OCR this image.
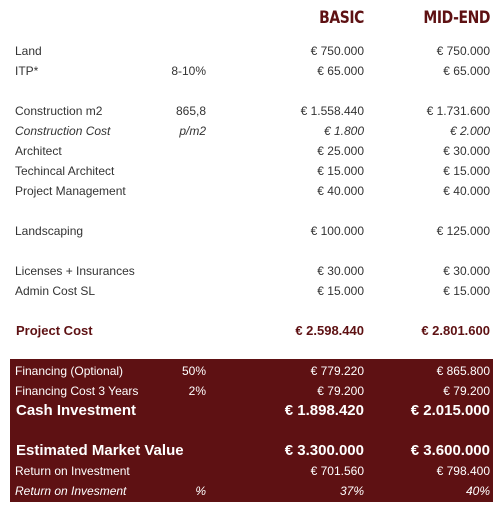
BASIC	MID-END
Land	€ 750.000	€ 750.000
ITP*	8-10%	€ 65.000	€ 65.000
Construction m2	865,8	€ 1.558.440	€ 1.731.600
Construction Cost	p/m2	€ 1.800	€ 2.000
Architect	€ 25.000	€ 30.000
Techincal Architect	€ 15.000	€ 15.000
Project Management	€ 40.000	€ 40.000
Landscaping	€ 100.000	€ 125.000
Licenses + Insurances	€ 30.000	€ 30.000
Admin Cost SL	€ 15.000	€ 15.000
Project Cost	€ 2.598.440	€ 2.801.600
Financing (Optional)	50%	€ 779.220	€ 865.800
Financing Cost 3 Years	2%	€ 79.200	€ 79.200
Cash Investment	€ 1.898.420	€ 2.015.000
Estimated Market Value	€ 3.300.000	€ 3.600.000
Return on Investment	€ 701.560	€ 798.400
Return on Invesment	%	37%	40%
